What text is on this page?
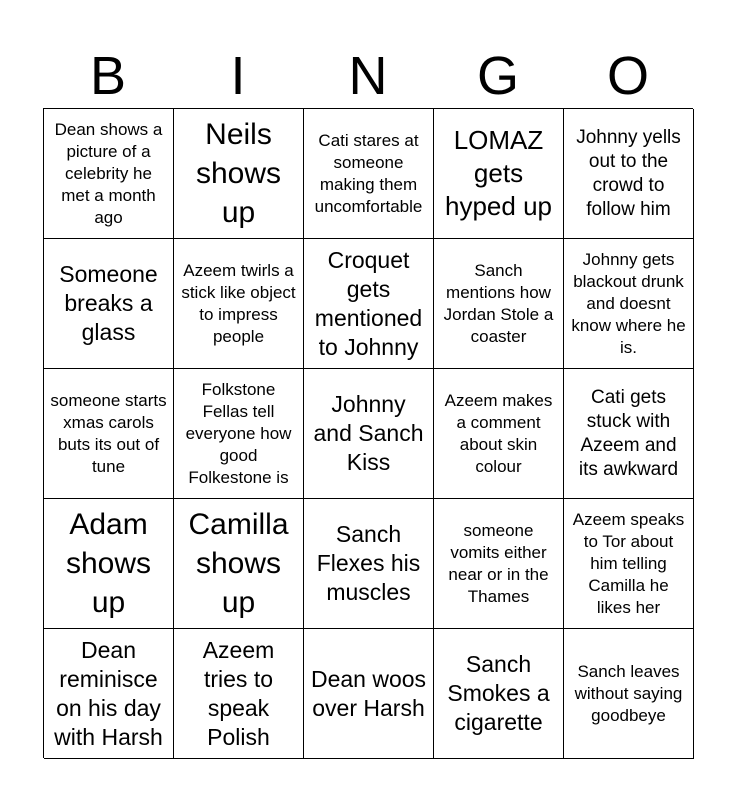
B	I	N	G	O
Dean shows a picture of a celebrity he met a month ago
Neils shows up
Cati stares at someone making them uncomfortable
LOMAZ gets hyped up
Johnny yells out to the crowd to follow him
Someone breaks a glass
Azeem twirls a stick like object to impress people
Croquet gets mentioned to Johnny
Sanch mentions how Jordan Stole a coaster
Johnny gets blackout drunk and doesnt know where he is.
someone starts xmas carols buts its out of tune
Folkstone Fellas tell everyone how good Folkestone is
Johnny and Sanch Kiss
Azeem makes a comment about skin colour
Cati gets stuck with Azeem and its awkward
Adam shows up
Camilla shows up
Sanch Flexes his muscles
someone vomits either near or in the Thames
Azeem speaks to Tor about him telling Camilla he likes her
Dean reminisce on his day with Harsh
Azeem tries to speak Polish
Dean woos over Harsh
Sanch Smokes a cigarette
Sanch leaves without saying goodbeye
